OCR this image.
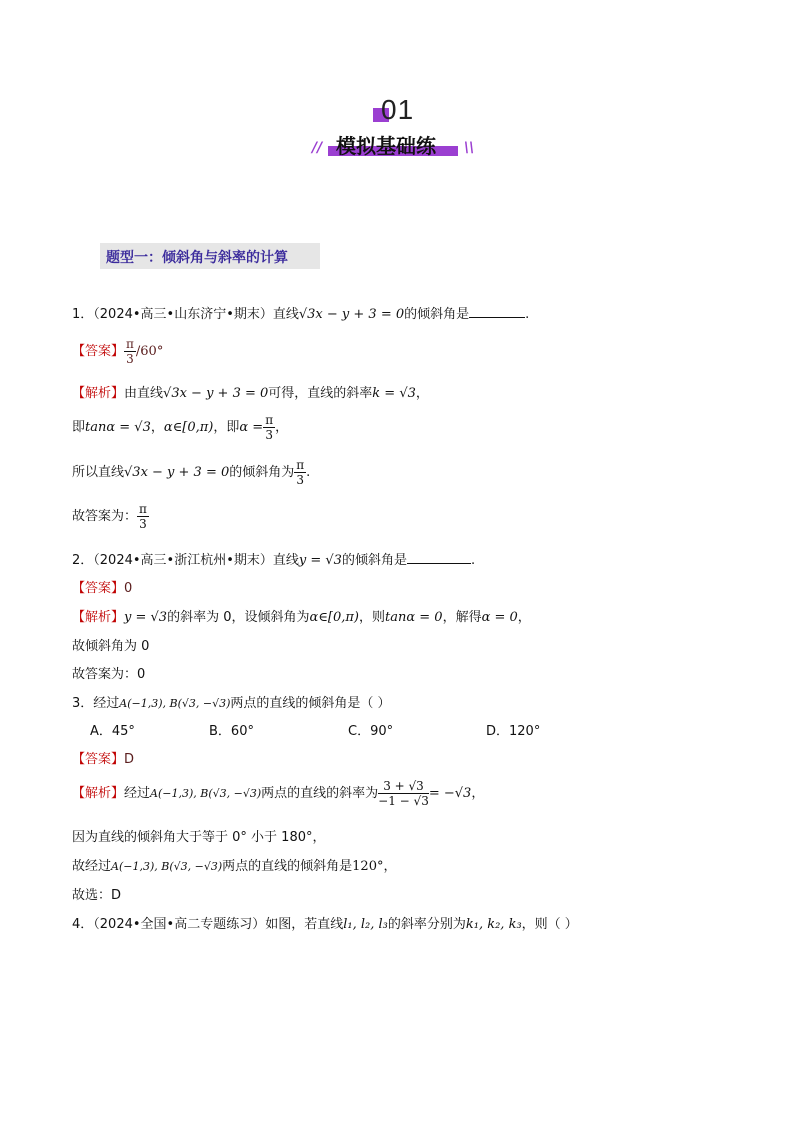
01
// 模拟基础练 \\
题型一：倾斜角与斜率的计算
1．（2024•高三•山东济宁•期末）直线√3x − y + 3 = 0的倾斜角是	.
【答案】 $\frac{\pi}{3} /60^\circ$
【解析】由直线√3x − y + 3 = 0可得，直线的斜率k = √3，
即tanα = √3，α∈[0,π)，即$\alpha = \frac{\pi}{3}$ ，
所以直线√3x − y + 3 = 0的倾斜角为 $\frac{\pi}{3}$ .
故答案为： $\frac{\pi}{3}$
2．（2024•高三•浙江杭州•期末）直线y = √3的倾斜角是	.
【答案】0
【解析】y = √3的斜率为 0，设倾斜角为α∈[0,π)，则tanα = 0，解得α = 0，
故倾斜角为 0
故答案为：0
3．经过A(−1,3), B(√3, −√3)两点的直线的倾斜角是（ ）
A．45°	B．60°	C．90°	D．120°
【答案】D
【解析】经过A(−1,3), B(√3, −√3)两点的直线的斜率为 $\frac{3 + √3}{-1 - √3} = -√3$，
因为直线的倾斜角大于等于 0° 小于 180°，
故经过A(−1,3), B(√3, −√3)两点的直线的倾斜角是120°，
故选：D
4．（2024•全国•高二专题练习）如图，若直线l₁, l₂, l₃的斜率分别为k₁, k₂, k₃，则（ ）
